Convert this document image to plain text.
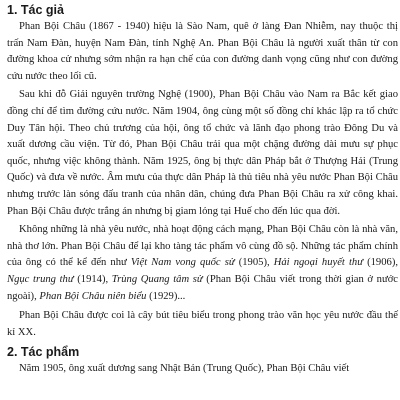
1. Tác giả

Phan Bội Châu (1867 - 1940) hiệu là Sào Nam, quê ở làng Đan Nhiễm, nay thuộc thị trấn Nam Đàn, huyện Nam Đàn, tỉnh Nghệ An. Phan Bội Châu là người xuất thân từ con đường khoa cử nhưng sớm nhận ra hạn chế của con đường danh vọng cũng như con đường cứu nước theo lối cũ.

Sau khi đỗ Giải nguyên trường Nghệ (1900), Phan Bội Châu vào Nam ra Bắc kết giao đồng chí để tìm đường cứu nước. Năm 1904, ông cùng một số đồng chí khác lập ra tổ chức Duy Tân hội. Theo chủ trương của hội, ông tổ chức và lãnh đạo phong trào Đông Du và xuất dương cầu viện. Từ đó, Phan Bội Châu trải qua một chặng đường dài mưu sự phục quốc, nhưng việc không thành. Năm 1925, ông bị thực dân Pháp bắt ở Thượng Hải (Trung Quốc) và đưa về nước. Âm mưu của thực dân Pháp là thủ tiêu nhà yêu nước Phan Bội Châu nhưng trước làn sóng đấu tranh của nhân dân, chúng đưa Phan Bội Châu ra xử công khai. Phan Bội Châu được trắng án nhưng bị giam lỏng tại Huế cho đến lúc qua đời.

Không những là nhà yêu nước, nhà hoạt động cách mạng, Phan Bội Châu còn là nhà văn, nhà thơ lớn. Phan Bội Châu để lại kho tàng tác phẩm vô cùng đồ sộ. Những tác phẩm chính của ông có thể kể đến như Việt Nam vong quốc sử (1905), Hải ngoại huyết thư (1906), Ngục trung thư (1914), Trùng Quang tâm sử (Phan Bội Châu viết trong thời gian ở nước ngoài), Phan Bội Châu niên biểu (1929)...

Phan Bội Châu được coi là cây bút tiêu biểu trong phong trào văn học yêu nước đầu thế kỉ XX.

2. Tác phẩm

Năm 1905, ông xuất dương sang Nhật Bản (Trung Quốc), Phan Bội Châu viết
